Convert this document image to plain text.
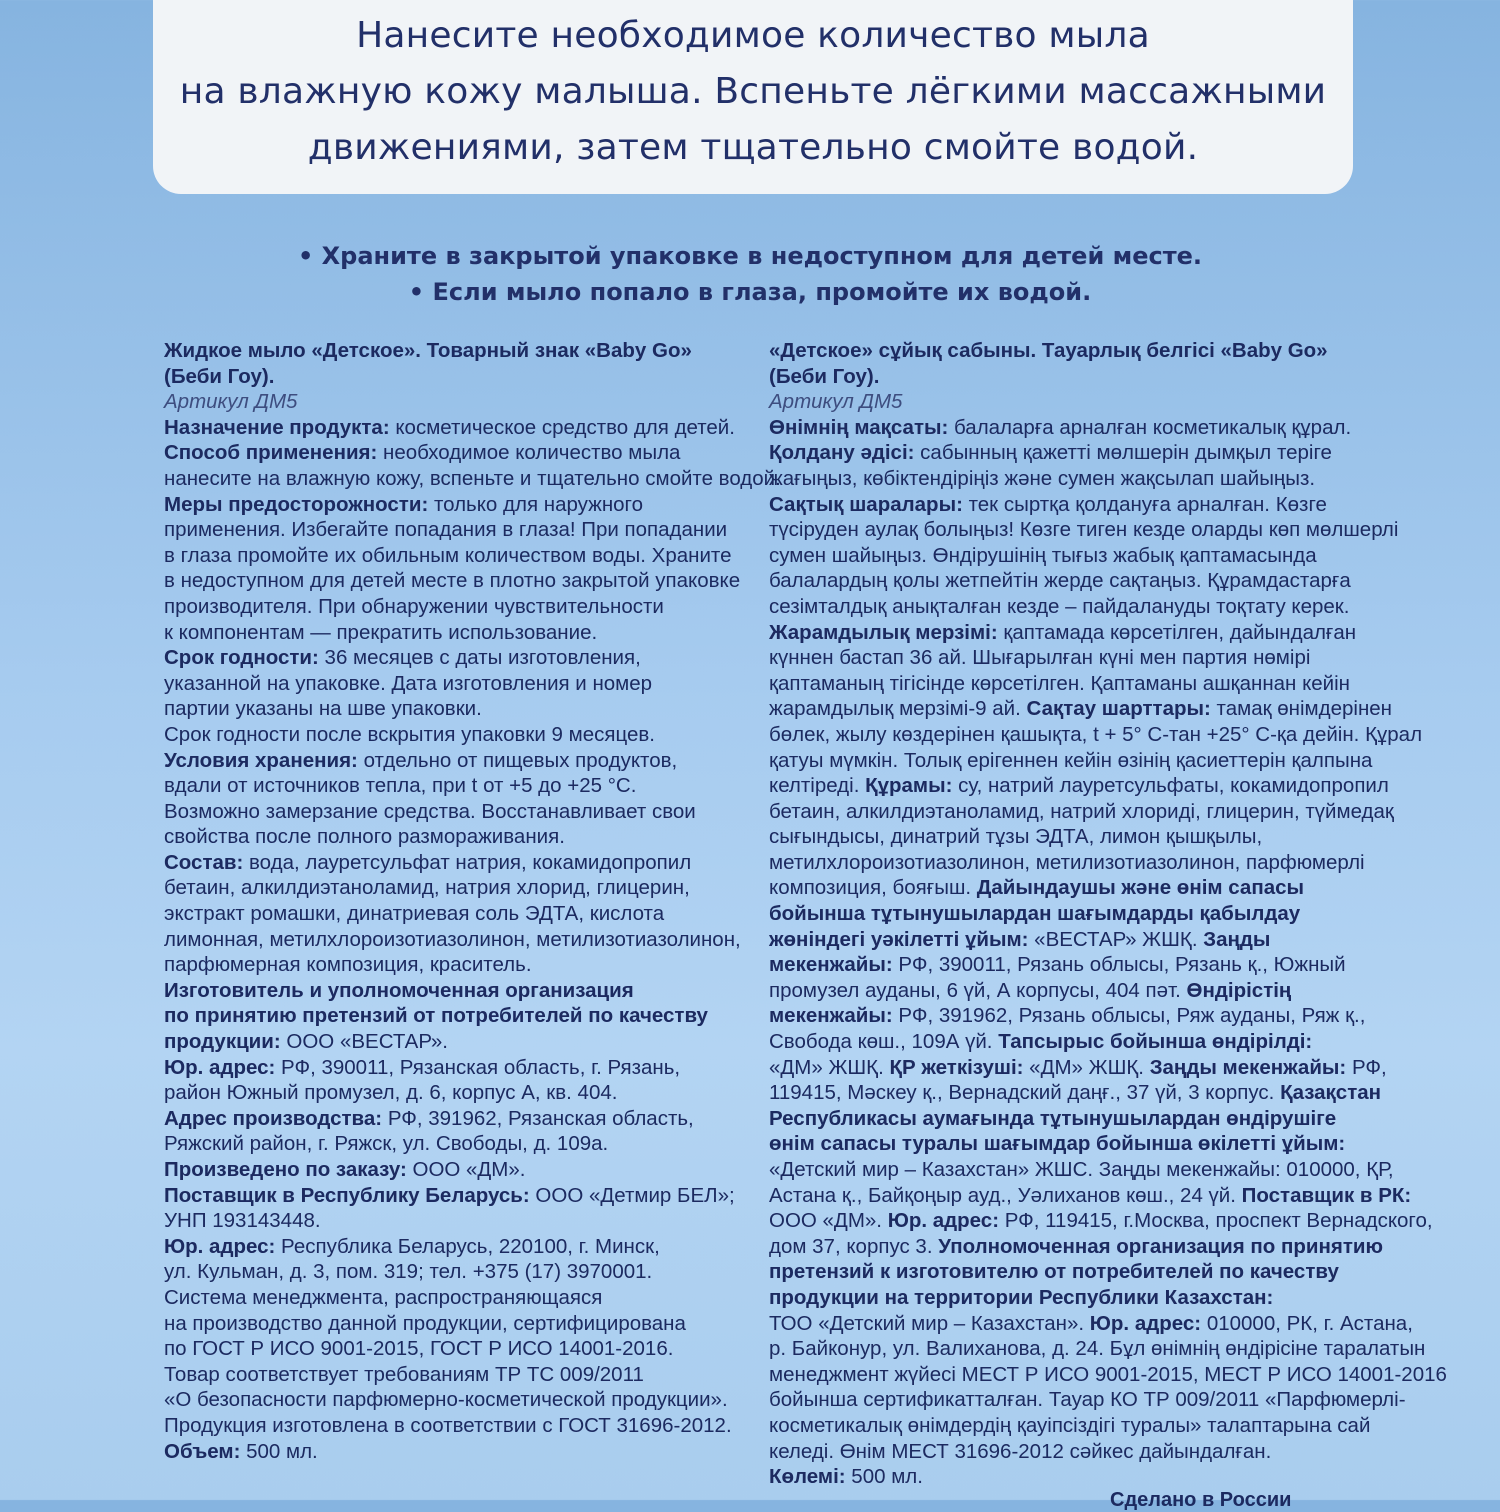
Нанесите необходимое количество мыла

на влажную кожу малыша. Вспеньте лёгкими массажными

движениями, затем тщательно смойте водой.

• Храните в закрытой упаковке в недоступном для детей месте.
• Если мыло попало в глаза, промойте их водой.
Жидкое мыло «Детское». Товарный знак «Baby Go»
(Беби Гоу).
Артикул ДМ5
Назначение продукта: косметическое средство для детей.
Способ применения: необходимое количество мыла
нанесите на влажную кожу, вспеньте и тщательно смойте водой.
Меры предосторожности: только для наружного
применения. Избегайте попадания в глаза! При попадании
в глаза промойте их обильным количеством воды. Храните
в недоступном для детей месте в плотно закрытой упаковке
производителя. При обнаружении чувствительности
к компонентам — прекратить использование.
Срок годности: 36 месяцев с даты изготовления,
указанной на упаковке. Дата изготовления и номер
партии указаны на шве упаковки.
Срок годности после вскрытия упаковки 9 месяцев.
Условия хранения: отдельно от пищевых продуктов,
вдали от источников тепла, при t от +5 до +25 °С.
Возможно замерзание средства. Восстанавливает свои
свойства после полного размораживания.
Состав: вода, лауретсульфат натрия, кокамидопропил
бетаин, алкилдиэтаноламид, натрия хлорид, глицерин,
экстракт ромашки, динатриевая соль ЭДТА, кислота
лимонная, метилхлороизотиазолинон, метилизотиазолинон,
парфюмерная композиция, краситель.
Изготовитель и уполномоченная организация
по принятию претензий от потребителей по качеству
продукции: ООО «ВЕСТАР».
Юр. адрес: РФ, 390011, Рязанская область, г. Рязань,
район Южный промузел, д. 6, корпус А, кв. 404.
Адрес производства: РФ, 391962, Рязанская область,
Ряжский район, г. Ряжск, ул. Свободы, д. 109а.
Произведено по заказу: ООО «ДМ».
Поставщик в Республику Беларусь: ООО «Детмир БЕЛ»;
УНП 193143448.
Юр. адрес: Республика Беларусь, 220100, г. Минск,
ул. Кульман, д. 3, пом. 319; тел. +375 (17) 3970001.
Система менеджмента, распространяющаяся
на производство данной продукции, сертифицирована
по ГОСТ Р ИСО 9001-2015, ГОСТ Р ИСО 14001-2016.
Товар соответствует требованиям ТР ТС 009/2011
«О безопасности парфюмерно-косметической продукции».
Продукция изготовлена в соответствии с ГОСТ 31696-2012.
Объем: 500 мл.
«Детское» сұйық сабыны. Тауарлық белгісі «Baby Go»
(Беби Гоу).
Артикул ДМ5
Өнімнің мақсаты: балаларға арналған косметикалық құрал.
Қолдану әдісі: сабынның қажетті мөлшерін дымқыл теріге
жағыңыз, көбіктендіріңіз және сумен жақсылап шайыңыз.
Сақтық шаралары: тек сыртқа қолдануға арналған. Көзге
түсіруден аулақ болыңыз! Көзге тиген кезде оларды көп мөлшерлі
сумен шайыңыз. Өндірушінің тығыз жабық қаптамасында
балалардың қолы жетпейтін жерде сақтаңыз. Құрамдастарға
сезімталдық анықталған кезде – пайдалануды тоқтату керек.
Жарамдылық мерзімі: қаптамада көрсетілген, дайындалған
күннен бастап 36 ай. Шығарылған күні мен партия нөмірі
қаптаманың тігісінде көрсетілген. Қаптаманы ашқаннан кейін
жарамдылық мерзімі-9 ай. Сақтау шарттары: тамақ өнімдерінен
бөлек, жылу көздерінен қашықта, t + 5° С-тан +25° С-қа дейін. Құрал
қатуы мүмкін. Толық ерігеннен кейін өзінің қасиеттерін қалпына
келтіреді. Құрамы: су, натрий лауретсульфаты, кокамидопропил
бетаин, алкилдиэтаноламид, натрий хлориді, глицерин, түймедақ
сығындысы, динатрий тұзы ЭДТА, лимон қышқылы,
метилхлороизотиазолинон, метилизотиазолинон, парфюмерлі
композиция, бояғыш. Дайындаушы және өнім сапасы
бойынша тұтынушылардан шағымдарды қабылдау
жөніндегі уәкілетті ұйым: «ВЕСТАР» ЖШҚ. Заңды
мекенжайы: РФ, 390011, Рязань облысы, Рязань қ., Южный
промузел ауданы, 6 үй, А корпусы, 404 пәт. Өндірістің
мекенжайы: РФ, 391962, Рязань облысы, Ряж ауданы, Ряж қ.,
Свобода көш., 109А үй. Тапсырыс бойынша өндірілді:
«ДМ» ЖШҚ. ҚР жеткізуші: «ДМ» ЖШҚ. Заңды мекенжайы: РФ,
119415, Мәскеу қ., Вернадский даңғ., 37 үй, 3 корпус. Қазақстан
Республикасы аумағында тұтынушылардан өндірушіге
өнім сапасы туралы шағымдар бойынша өкілетті ұйым:
«Детский мир – Казахстан» ЖШС. Заңды мекенжайы: 010000, ҚР,
Астана қ., Байқоңыр ауд., Уәлиханов көш., 24 үй. Поставщик в РК:
ООО «ДМ». Юр. адрес: РФ, 119415, г.Москва, проспект Вернадского,
дом 37, корпус 3. Уполномоченная организация по принятию
претензий к изготовителю от потребителей по качеству
продукции на территории Республики Казахстан:
ТОО «Детский мир – Казахстан». Юр. адрес: 010000, РК, г. Астана,
р. Байконур, ул. Валиханова, д. 24. Бұл өнімнің өндірісіне таралатын
менеджмент жүйесі МЕСТ Р ИСО 9001-2015, МЕСТ Р ИСО 14001-2016
бойынша сертификатталған. Тауар КО ТР 009/2011 «Парфюмерлі-
косметикалық өнімдердің қауіпсіздігі туралы» талаптарына сай
келеді. Өнім МЕСТ 31696-2012 сәйкес дайындалған.
Көлемі: 500 мл.
Сделано в России
